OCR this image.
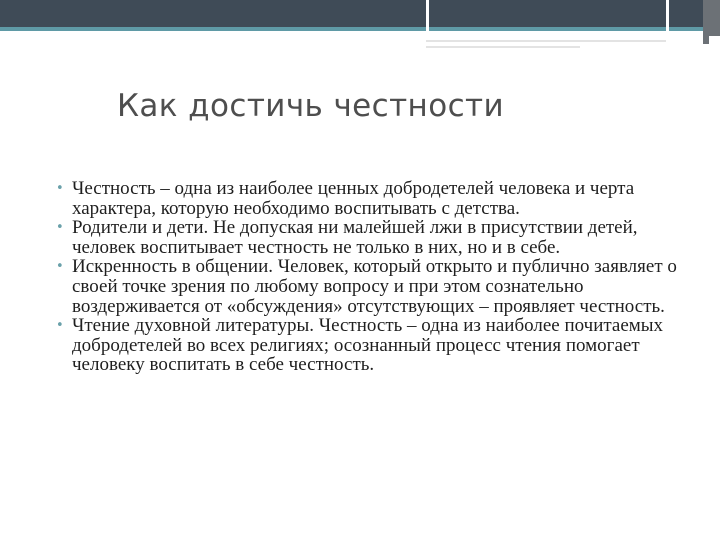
Как достичь честности
• Честность – одна из наиболее ценных добродетелей человека и черта характера, которую необходимо воспитывать с детства.
• Родители и дети. Не допуская ни малейшей лжи в присутствии детей, человек воспитывает честность не только в них, но и в себе.
• Искренность в общении. Человек, который открыто и публично заявляет о своей точке зрения по любому вопросу и при этом сознательно воздерживается от «обсуждения» отсутствующих – проявляет честность.
• Чтение духовной литературы. Честность – одна из наиболее почитаемых добродетелей во всех религиях; осознанный процесс чтения помогает человеку воспитать в себе честность.
